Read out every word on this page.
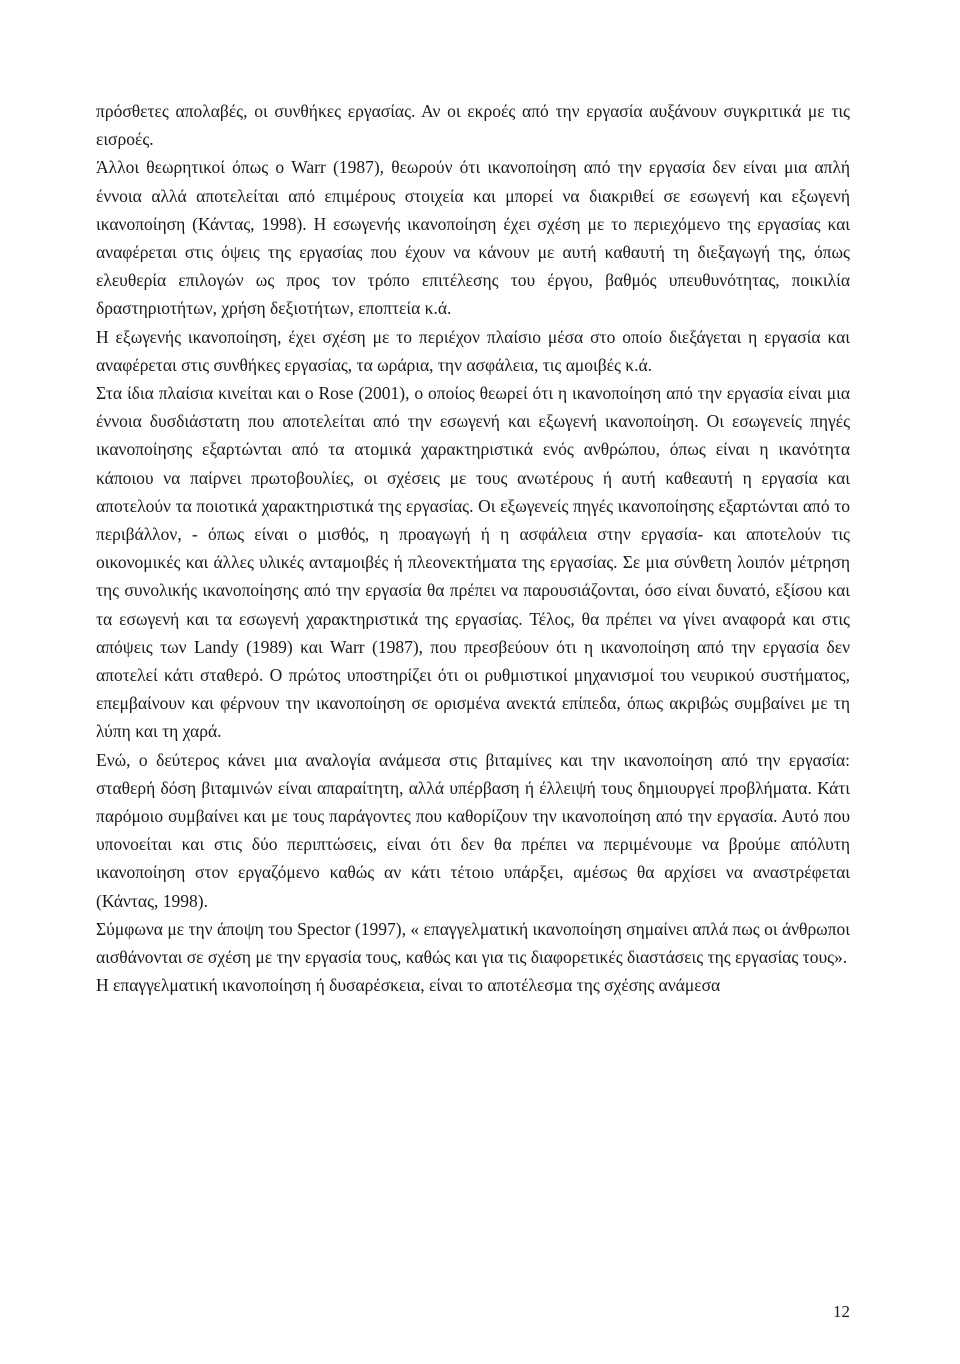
πρόσθετες απολαβές, οι συνθήκες εργασίας. Αν οι εκροές από την εργασία αυξάνουν συγκριτικά με τις εισροές.

Άλλοι θεωρητικοί όπως ο Warr (1987), θεωρούν ότι ικανοποίηση από την εργασία δεν είναι μια απλή έννοια αλλά αποτελείται από επιμέρους στοιχεία και μπορεί να διακριθεί σε εσωγενή και εξωγενή ικανοποίηση (Κάντας, 1998). Η εσωγενής ικανοποίηση έχει σχέση με το περιεχόμενο της εργασίας και αναφέρεται στις όψεις της εργασίας που έχουν να κάνουν με αυτή καθαυτή τη διεξαγωγή της, όπως ελευθερία επιλογών ως προς τον τρόπο επιτέλεσης του έργου, βαθμός υπευθυνότητας, ποικιλία δραστηριοτήτων, χρήση δεξιοτήτων, εποπτεία κ.ά.

Η εξωγενής ικανοποίηση, έχει σχέση με το περιέχον πλαίσιο μέσα στο οποίο διεξάγεται η εργασία και αναφέρεται στις συνθήκες εργασίας, τα ωράρια, την ασφάλεια, τις αμοιβές κ.ά.

Στα ίδια πλαίσια κινείται και ο Rose (2001), ο οποίος θεωρεί ότι η ικανοποίηση από την εργασία είναι μια έννοια δυσδιάστατη που αποτελείται από την εσωγενή και εξωγενή ικανοποίηση. Οι εσωγενείς πηγές ικανοποίησης εξαρτώνται από τα ατομικά χαρακτηριστικά ενός ανθρώπου, όπως είναι η ικανότητα κάποιου να παίρνει πρωτοβουλίες, οι σχέσεις με τους ανωτέρους ή αυτή καθεαυτή η εργασία και αποτελούν τα ποιοτικά χαρακτηριστικά της εργασίας. Οι εξωγενείς πηγές ικανοποίησης εξαρτώνται από το περιβάλλον, - όπως είναι ο μισθός, η προαγωγή ή η ασφάλεια στην εργασία- και αποτελούν τις οικονομικές και άλλες υλικές ανταμοιβές ή πλεονεκτήματα της εργασίας. Σε μια σύνθετη λοιπόν μέτρηση της συνολικής ικανοποίησης από την εργασία θα πρέπει να παρουσιάζονται, όσο είναι δυνατό, εξίσου και τα εσωγενή και τα εσωγενή χαρακτηριστικά της εργασίας. Τέλος, θα πρέπει να γίνει αναφορά και στις απόψεις των Landy (1989) και Warr (1987), που πρεσβεύουν ότι η ικανοποίηση από την εργασία δεν αποτελεί κάτι σταθερό. Ο πρώτος υποστηρίζει ότι οι ρυθμιστικοί μηχανισμοί του νευρικού συστήματος, επεμβαίνουν και φέρνουν την ικανοποίηση σε ορισμένα ανεκτά επίπεδα, όπως ακριβώς συμβαίνει με τη λύπη και τη χαρά.

Ενώ, ο δεύτερος κάνει μια αναλογία ανάμεσα στις βιταμίνες και την ικανοποίηση από την εργασία: σταθερή δόση βιταμινών είναι απαραίτητη, αλλά υπέρβαση ή έλλειψή τους δημιουργεί προβλήματα. Κάτι παρόμοιο συμβαίνει και με τους παράγοντες που καθορίζουν την ικανοποίηση από την εργασία. Αυτό που υπονοείται και στις δύο περιπτώσεις, είναι ότι δεν θα πρέπει να περιμένουμε να βρούμε απόλυτη ικανοποίηση στον εργαζόμενο καθώς αν κάτι τέτοιο υπάρξει, αμέσως θα αρχίσει να αναστρέφεται (Κάντας, 1998).

Σύμφωνα με την άποψη του Spector (1997), « επαγγελματική ικανοποίηση σημαίνει απλά πως οι άνθρωποι αισθάνονται σε σχέση με την εργασία τους, καθώς και για τις διαφορετικές διαστάσεις της εργασίας τους».

Η επαγγελματική ικανοποίηση ή δυσαρέσκεια, είναι το αποτέλεσμα της σχέσης ανάμεσα

12
